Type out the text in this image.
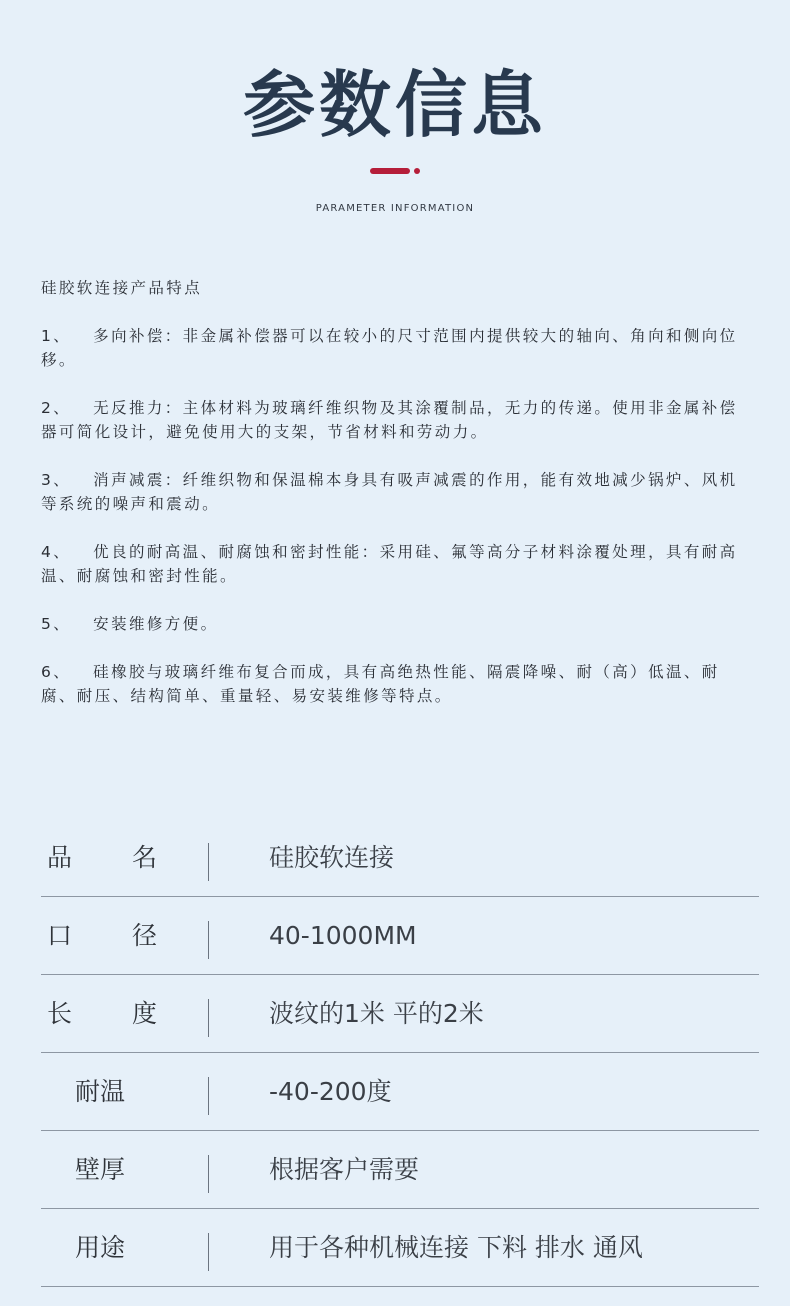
参数信息
PARAMETER INFORMATION
硅胶软连接产品特点
1、 多向补偿：非金属补偿器可以在较小的尺寸范围内提供较大的轴向、角向和侧向位移。
2、 无反推力：主体材料为玻璃纤维织物及其涂覆制品，无力的传递。使用非金属补偿器可简化设计，避免使用大的支架，节省材料和劳动力。
3、 消声减震：纤维织物和保温棉本身具有吸声减震的作用，能有效地减少锅炉、风机等系统的噪声和震动。
4、 优良的耐高温、耐腐蚀和密封性能：采用硅、氟等高分子材料涂覆处理，具有耐高温、耐腐蚀和密封性能。
5、 安装维修方便。
6、 硅橡胶与玻璃纤维布复合而成，具有高绝热性能、隔震降噪、耐（高）低温、耐腐、耐压、结构简单、重量轻、易安装维修等特点。
品名	硅胶软连接
口径	40-1000MM
长度	波纹的1米 平的2米
耐温	-40-200度
壁厚	根据客户需要
用途	用于各种机械连接 下料 排水 通风
